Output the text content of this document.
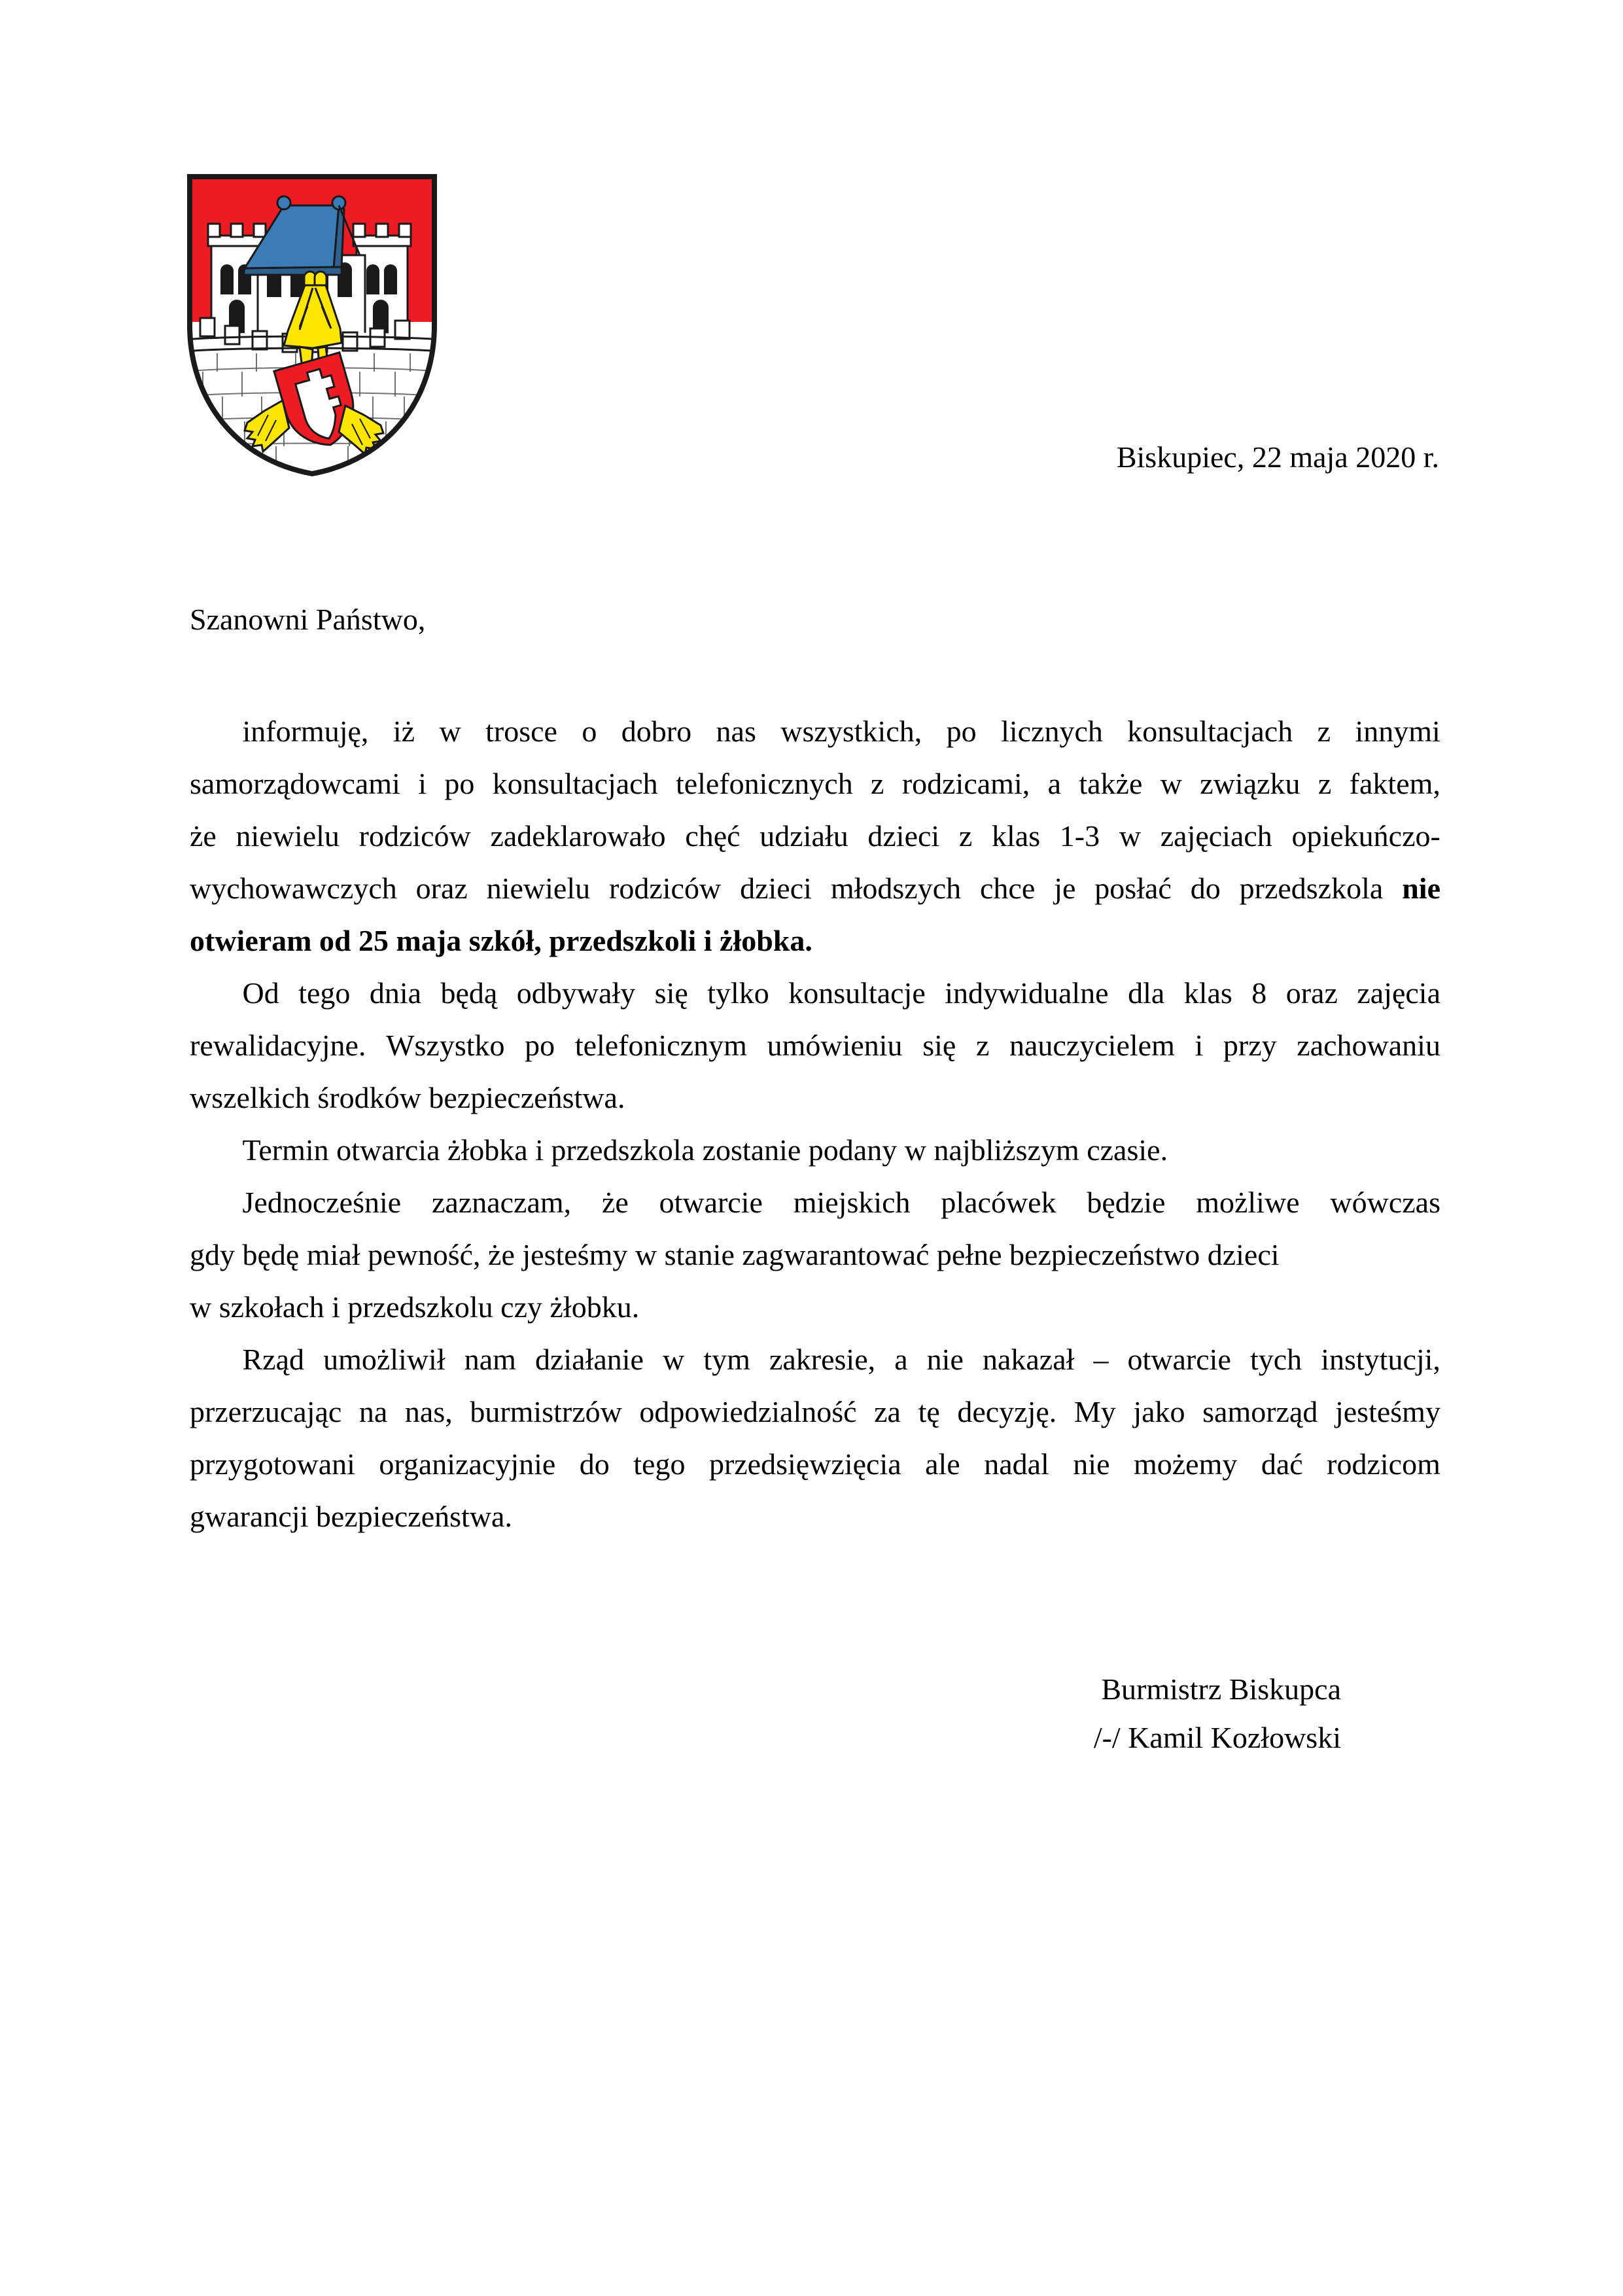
Biskupiec, 22 maja 2020 r.
Szanowni Państwo,
informuję, iż w trosce o dobro nas wszystkich, po licznych konsultacjach z innymi
samorządowcami i po konsultacjach telefonicznych z rodzicami, a także w związku z faktem,
że niewielu rodziców zadeklarowało chęć udziału dzieci z klas 1-3 w zajęciach opiekuńczo-
wychowawczych oraz niewielu rodziców dzieci młodszych chce je posłać do przedszkola nie
otwieram od 25 maja szkół, przedszkoli i żłobka.
Od tego dnia będą odbywały się tylko konsultacje indywidualne dla klas 8 oraz zajęcia
rewalidacyjne. Wszystko po telefonicznym umówieniu się z nauczycielem i przy zachowaniu
wszelkich środków bezpieczeństwa.
Termin otwarcia żłobka i przedszkola zostanie podany w najbliższym czasie.
Jednocześnie zaznaczam, że otwarcie miejskich placówek będzie możliwe wówczas
gdy będę miał pewność, że jesteśmy w stanie zagwarantować pełne bezpieczeństwo dzieci
w szkołach i przedszkolu czy żłobku.
Rząd umożliwił nam działanie w tym zakresie, a nie nakazał – otwarcie tych instytucji,
przerzucając na nas, burmistrzów odpowiedzialność za tę decyzję. My jako samorząd jesteśmy
przygotowani organizacyjnie do tego przedsięwzięcia ale nadal nie możemy dać rodzicom
gwarancji bezpieczeństwa.
Burmistrz Biskupca
/-/ Kamil Kozłowski
